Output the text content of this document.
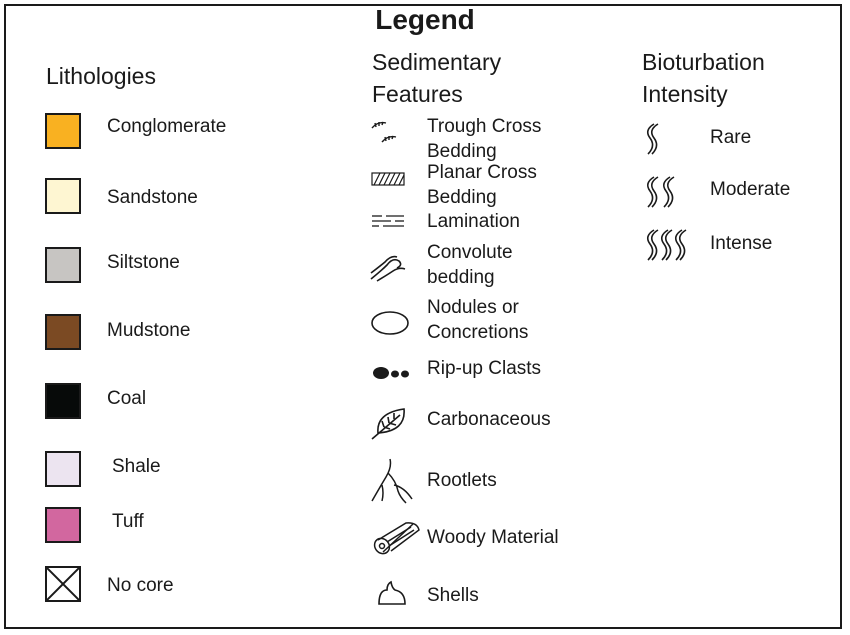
Legend
Lithologies
Conglomerate
Sandstone
Siltstone
Mudstone
Coal
Shale
Tuff
No core
Sedimentary
Features
Trough Cross
Bedding
Planar Cross
Bedding
Lamination
Convolute
bedding
Nodules or
Concretions
Rip-up Clasts
Carbonaceous
Rootlets
Woody Material
Shells
Bioturbation
Intensity
Rare
Moderate
Intense
